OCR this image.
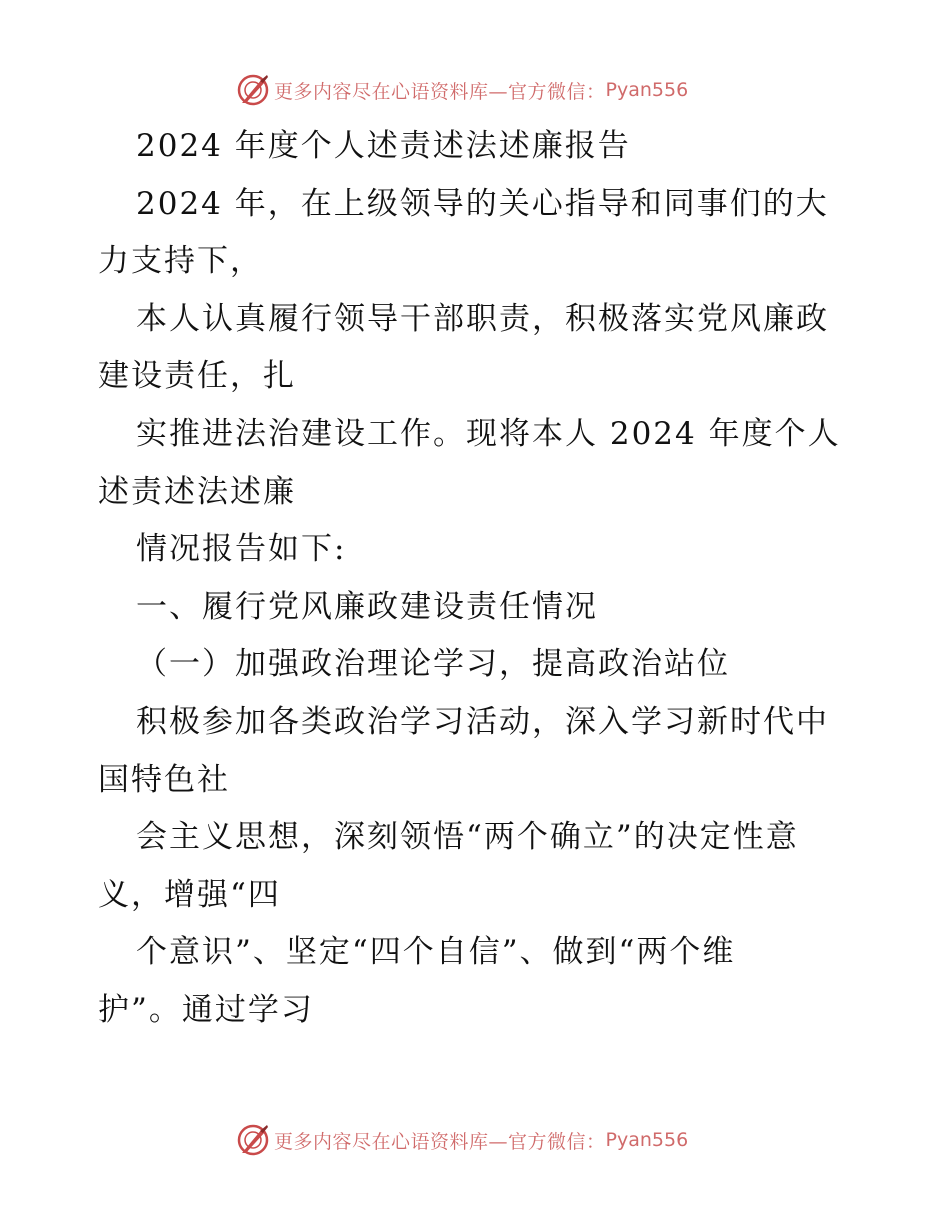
更多内容尽在心语资料库—官方微信： Pyan556
2024 年度个人述责述法述廉报告
2024 年，在上级领导的关心指导和同事们的大
力支持下，
本人认真履行领导干部职责，积极落实党风廉政
建设责任，扎
实推进法治建设工作。现将本人 2024 年度个人
述责述法述廉
情况报告如下:
一、履行党风廉政建设责任情况
（一）加强政治理论学习，提高政治站位
积极参加各类政治学习活动，深入学习新时代中
国特色社
会主义思想，深刻领悟“两个确立”的决定性意
义，增强“四
个意识”、坚定“四个自信”、做到“两个维
护”。通过学习
更多内容尽在心语资料库—官方微信： Pyan556
